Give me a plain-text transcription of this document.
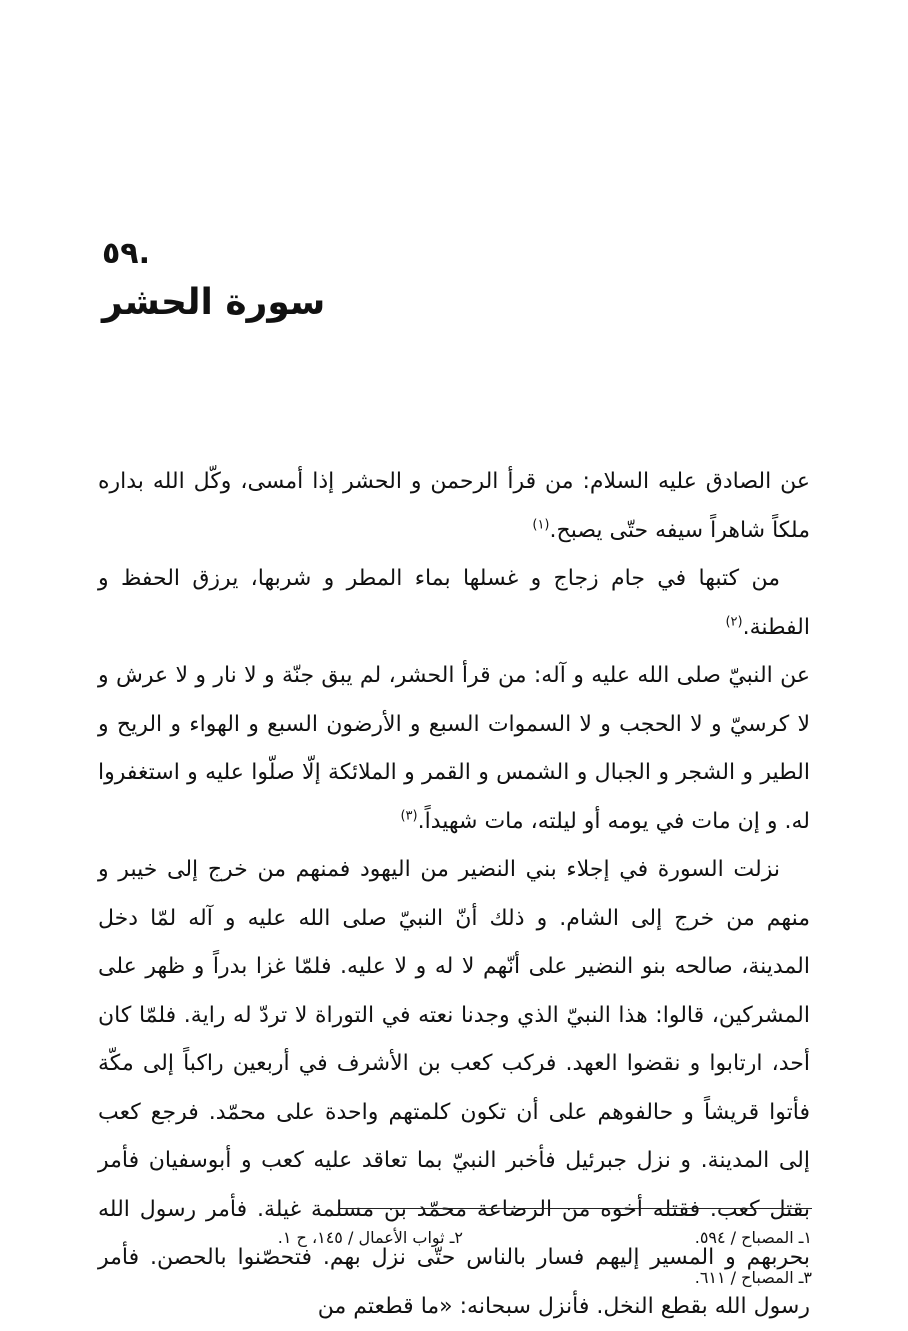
.٥٩
سورة الحشر

عن الصادق عليه السلام: من قرأ الرحمن و الحشر إذا أمسى، وكّل الله بداره ملكاً شاهراً سيفه حتّى يصبح.$^{(١)}$

من كتبها في جام زجاج و غسلها بماء المطر و شربها، يرزق الحفظ و الفطنة.$^{(٢)}$

عن النبيّ صلى الله عليه و آله: من قرأ الحشر، لم يبق جنّة و لا نار و لا عرش و لا كرسيّ و لا الحجب و لا السموات السبع و الأرضون السبع و الهواء و الريح و الطير و الشجر و الجبال و الشمس و القمر و الملائكة إلّا صلّوا عليه و استغفروا له. و إن مات في يومه أو ليلته، مات شهيداً.$^{(٣)}$

نزلت السورة في إجلاء بني النضير من اليهود فمنهم من خرج إلى خيبر و منهم من خرج إلى الشام. و ذلك أنّ النبيّ صلى الله عليه و آله لمّا دخل المدينة، صالحه بنو النضير على أنّهم لا له و لا عليه. فلمّا غزا بدراً و ظهر على المشركين، قالوا: هذا النبيّ الذي وجدنا نعته في التوراة لا تردّ له راية. فلمّا كان أحد، ارتابوا و نقضوا العهد. فركب كعب بن الأشرف في أربعين راكباً إلى مكّة فأتوا قريشاً و حالفوهم على أن تكون كلمتهم واحدة على محمّد. فرجع كعب إلى المدينة. و نزل جبرئيل فأخبر النبيّ بما تعاقد عليه كعب و أبوسفيان فأمر بقتل كعب. فقتله أخوه من الرضاعة محمّد بن مسلمة غيلة. فأمر رسول الله بحربهم و المسير إليهم فسار بالناس حتّى نزل بهم. فتحصّنوا بالحصن. فأمر رسول الله بقطع النخل. فأنزل سبحانه: «ما قطعتم من

١ـ المصباح / ٥٩٤.
٢ـ ثواب الأعمال / ١٤٥، ح ١.
٣ـ المصباح / ٦١١.
